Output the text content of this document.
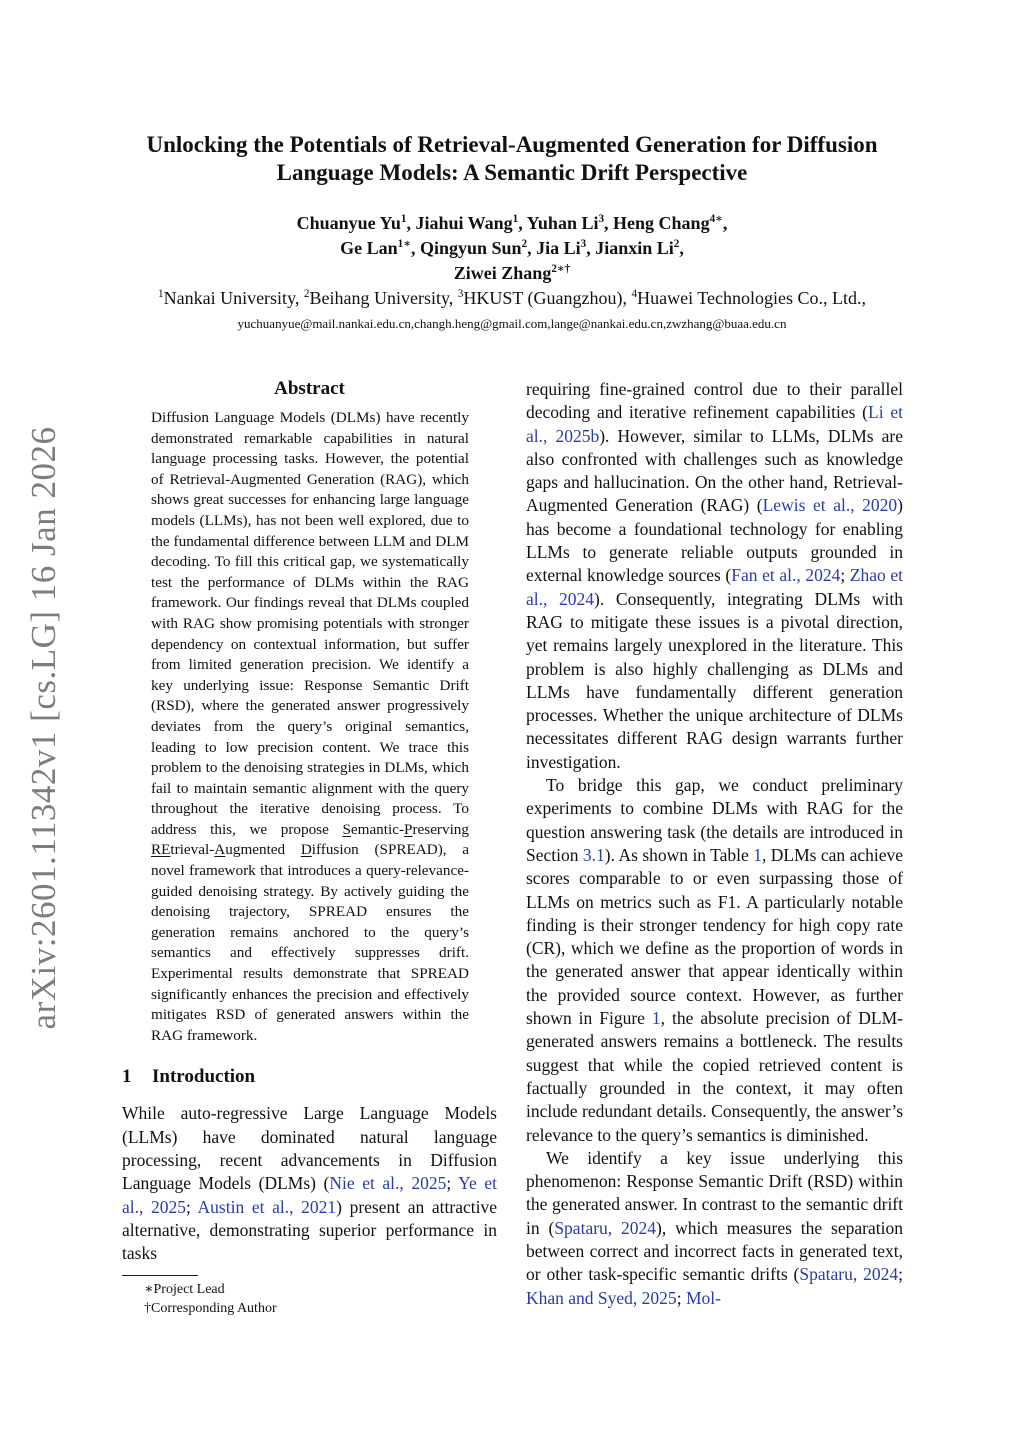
arXiv:2601.11342v1 [cs.LG] 16 Jan 2026
Unlocking the Potentials of Retrieval-Augmented Generation for Diffusion
Language Models: A Semantic Drift Perspective
Chuanyue Yu$^1$, Jiahui Wang$^1$, Yuhan Li$^3$, Heng Chang$^{4∗}$,
Ge Lan$^{1∗}$, Qingyun Sun$^2$, Jia Li$^3$, Jianxin Li$^2$,
Ziwei Zhang$^{2∗\dagger}$
$^1$Nankai University, $^2$Beihang University, $^3$HKUST (Guangzhou), $^4$Huawei Technologies Co., Ltd.,
yuchuanyue@mail.nankai.edu.cn,changh.heng@gmail.com,lange@nankai.edu.cn,zwzhang@buaa.edu.cn
Abstract
Diffusion Language Models (DLMs) have recently demonstrated remarkable capabilities in natural language processing tasks. However, the potential of Retrieval-Augmented Generation (RAG), which shows great successes for enhancing large language models (LLMs), has not been well explored, due to the fundamental difference between LLM and DLM decoding. To fill this critical gap, we systematically test the performance of DLMs within the RAG framework. Our findings reveal that DLMs coupled with RAG show promising potentials with stronger dependency on contextual information, but suffer from limited generation precision. We identify a key underlying issue: Response Semantic Drift (RSD), where the generated answer progressively deviates from the query’s original semantics, leading to low precision content. We trace this problem to the denoising strategies in DLMs, which fail to maintain semantic alignment with the query throughout the iterative denoising process. To address this, we propose Semantic-Preserving REtrieval-Augmented Diffusion (SPREAD), a novel framework that introduces a query-relevance-guided denoising strategy. By actively guiding the denoising trajectory, SPREAD ensures the generation remains anchored to the query’s semantics and effectively suppresses drift. Experimental results demonstrate that SPREAD significantly enhances the precision and effectively mitigates RSD of generated answers within the RAG framework.
1 Introduction

While auto-regressive Large Language Models (LLMs) have dominated natural language processing, recent advancements in Diffusion Language Models (DLMs) (Nie et al., 2025; Ye et al., 2025; Austin et al., 2021) present an attractive alternative, demonstrating superior performance in tasks

∗Project Lead
†Corresponding Author

requiring fine-grained control due to their parallel decoding and iterative refinement capabilities (Li et al., 2025b). However, similar to LLMs, DLMs are also confronted with challenges such as knowledge gaps and hallucination. On the other hand, Retrieval-Augmented Generation (RAG) (Lewis et al., 2020) has become a foundational technology for enabling LLMs to generate reliable outputs grounded in external knowledge sources (Fan et al., 2024; Zhao et al., 2024). Consequently, integrating DLMs with RAG to mitigate these issues is a pivotal direction, yet remains largely unexplored in the literature. This problem is also highly challenging as DLMs and LLMs have fundamentally different generation processes. Whether the unique architecture of DLMs necessitates different RAG design warrants further investigation.

To bridge this gap, we conduct preliminary experiments to combine DLMs with RAG for the question answering task (the details are introduced in Section 3.1). As shown in Table 1, DLMs can achieve scores comparable to or even surpassing those of LLMs on metrics such as F1. A particularly notable finding is their stronger tendency for high copy rate (CR), which we define as the proportion of words in the generated answer that appear identically within the provided source context. However, as further shown in Figure 1, the absolute precision of DLM-generated answers remains a bottleneck. The results suggest that while the copied retrieved content is factually grounded in the context, it may often include redundant details. Consequently, the answer’s relevance to the query’s semantics is diminished.

We identify a key issue underlying this phenomenon: Response Semantic Drift (RSD) within the generated answer. In contrast to the semantic drift in (Spataru, 2024), which measures the separation between correct and incorrect facts in generated text, or other task-specific semantic drifts (Spataru, 2024; Khan and Syed, 2025; Mol-
